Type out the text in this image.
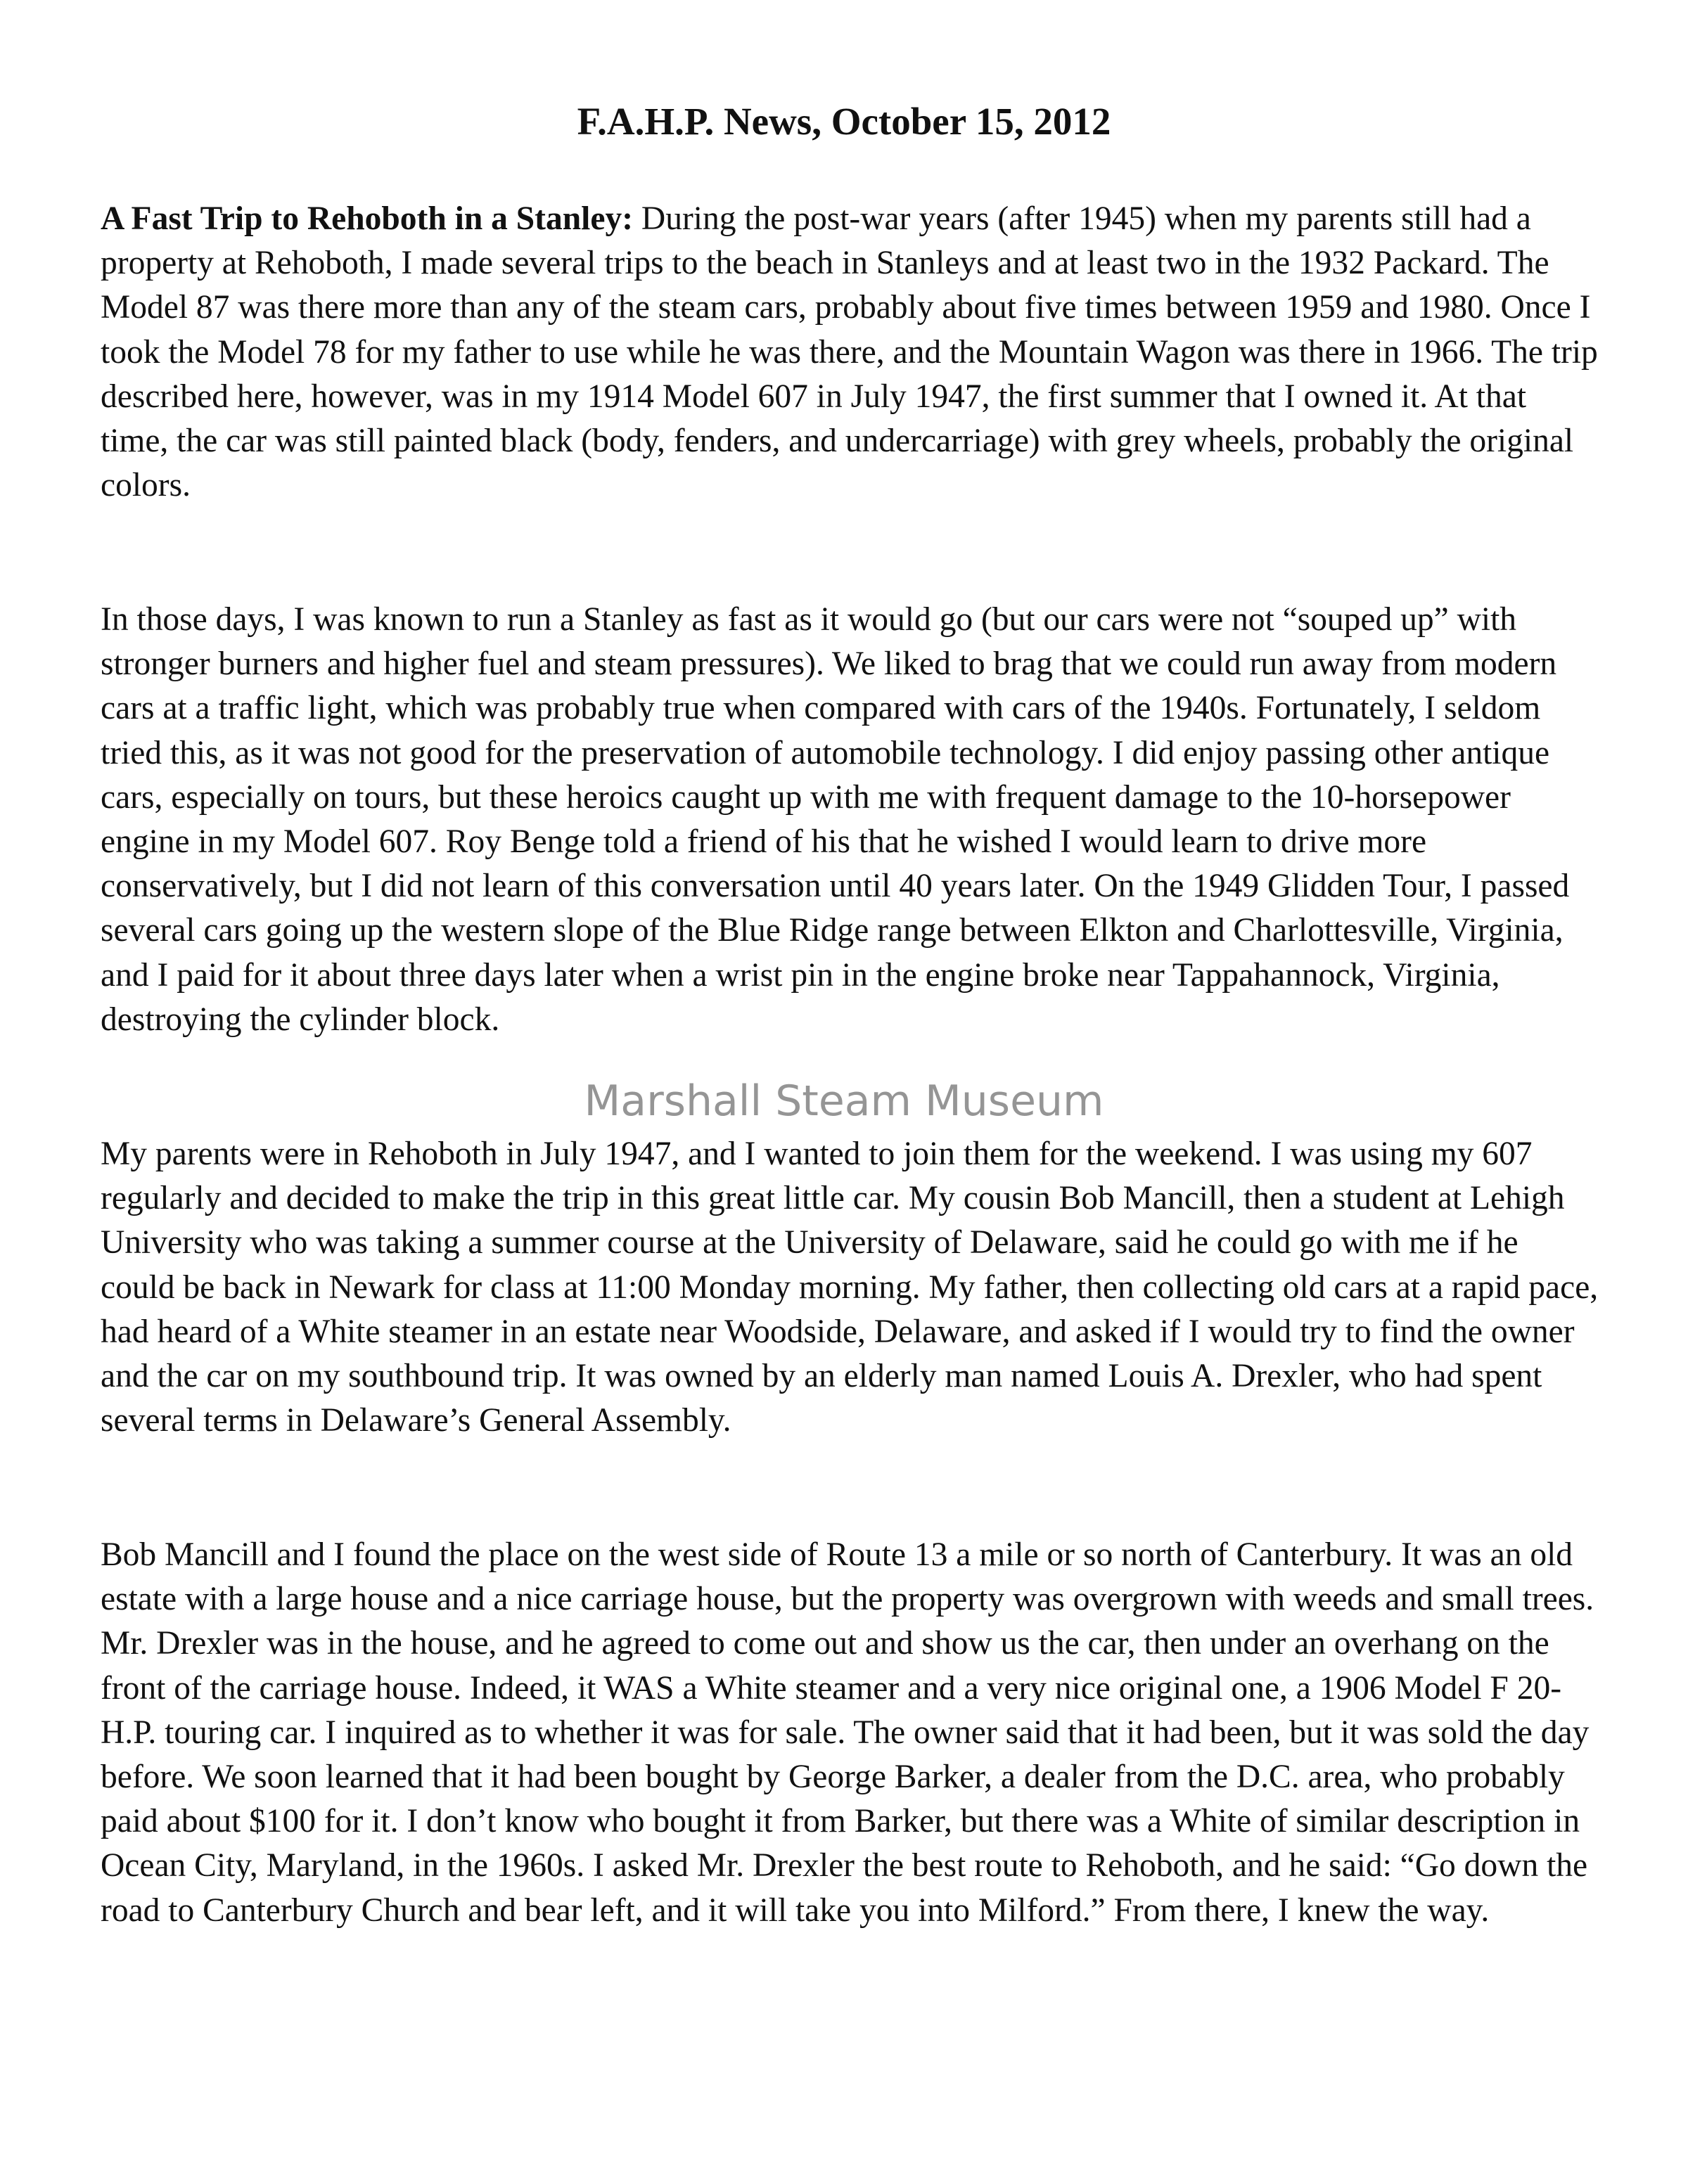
F.A.H.P. News, October 15, 2012

A Fast Trip to Rehoboth in a Stanley: During the post-war years (after 1945) when my parents still had a property at Rehoboth, I made several trips to the beach in Stanleys and at least two in the 1932 Packard. The Model 87 was there more than any of the steam cars, probably about five times between 1959 and 1980. Once I took the Model 78 for my father to use while he was there, and the Mountain Wagon was there in 1966. The trip described here, however, was in my 1914 Model 607 in July 1947, the first summer that I owned it. At that time, the car was still painted black (body, fenders, and undercarriage) with grey wheels, probably the original colors.

In those days, I was known to run a Stanley as fast as it would go (but our cars were not “souped up” with stronger burners and higher fuel and steam pressures). We liked to brag that we could run away from modern cars at a traffic light, which was probably true when compared with cars of the 1940s. Fortunately, I seldom tried this, as it was not good for the preservation of automobile technology. I did enjoy passing other antique cars, especially on tours, but these heroics caught up with me with frequent damage to the 10-horsepower engine in my Model 607. Roy Benge told a friend of his that he wished I would learn to drive more conservatively, but I did not learn of this conversation until 40 years later. On the 1949 Glidden Tour, I passed several cars going up the western slope of the Blue Ridge range between Elkton and Charlottesville, Virginia, and I paid for it about three days later when a wrist pin in the engine broke near Tappahannock, Virginia, destroying the cylinder block.

Marshall Steam Museum

My parents were in Rehoboth in July 1947, and I wanted to join them for the weekend. I was using my 607 regularly and decided to make the trip in this great little car. My cousin Bob Mancill, then a student at Lehigh University who was taking a summer course at the University of Delaware, said he could go with me if he could be back in Newark for class at 11:00 Monday morning. My father, then collecting old cars at a rapid pace, had heard of a White steamer in an estate near Woodside, Delaware, and asked if I would try to find the owner and the car on my southbound trip. It was owned by an elderly man named Louis A. Drexler, who had spent several terms in Delaware’s General Assembly.

Bob Mancill and I found the place on the west side of Route 13 a mile or so north of Canterbury. It was an old estate with a large house and a nice carriage house, but the property was overgrown with weeds and small trees. Mr. Drexler was in the house, and he agreed to come out and show us the car, then under an overhang on the front of the carriage house. Indeed, it WAS a White steamer and a very nice original one, a 1906 Model F 20-H.P. touring car. I inquired as to whether it was for sale. The owner said that it had been, but it was sold the day before. We soon learned that it had been bought by George Barker, a dealer from the D.C. area, who probably paid about $100 for it. I don’t know who bought it from Barker, but there was a White of similar description in Ocean City, Maryland, in the 1960s. I asked Mr. Drexler the best route to Rehoboth, and he said: “Go down the road to Canterbury Church and bear left, and it will take you into Milford.” From there, I knew the way.
